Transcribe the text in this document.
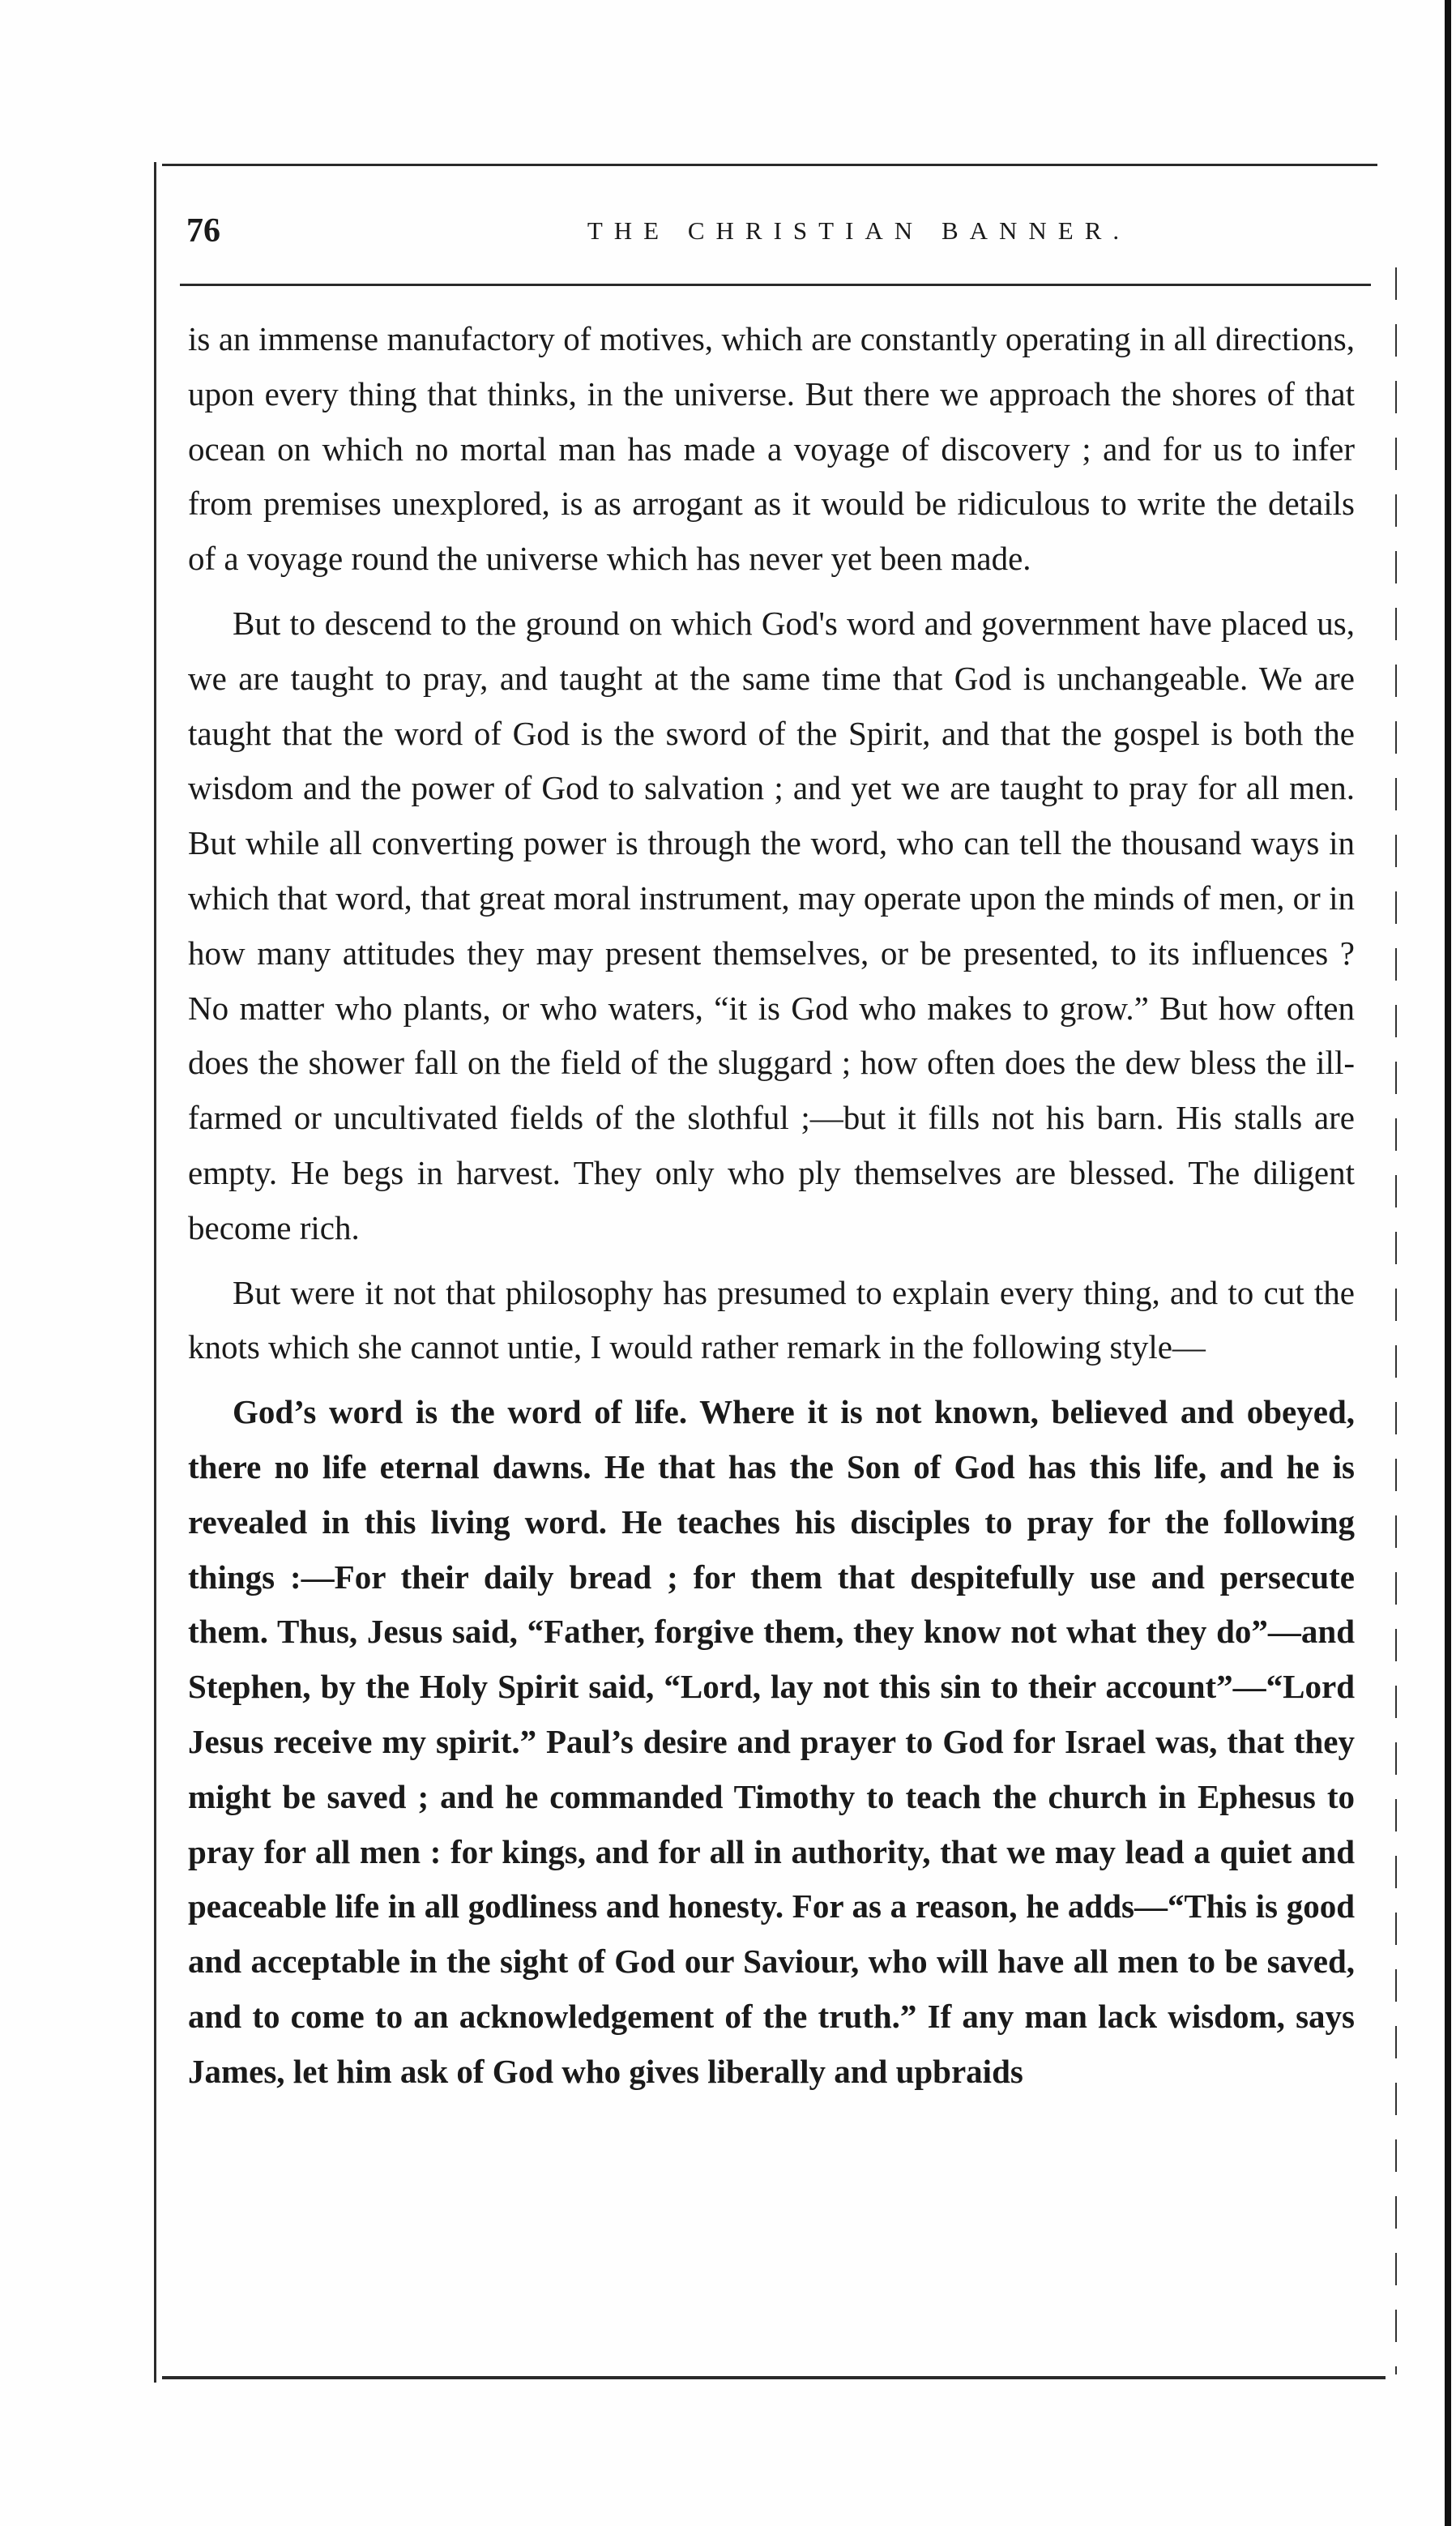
76	THE CHRISTIAN BANNER.

is an immense manufactory of motives, which are constantly operating in all directions, upon every thing that thinks, in the universe. But there we approach the shores of that ocean on which no mortal man has made a voyage of discovery ; and for us to infer from premises unexplored, is as arrogant as it would be ridiculous to write the details of a voyage round the universe which has never yet been made.

But to descend to the ground on which God's word and government have placed us, we are taught to pray, and taught at the same time that God is unchangeable. We are taught that the word of God is the sword of the Spirit, and that the gospel is both the wisdom and the power of God to salvation ; and yet we are taught to pray for all men. But while all converting power is through the word, who can tell the thousand ways in which that word, that great moral instrument, may operate upon the minds of men, or in how many attitudes they may present themselves, or be presented, to its influences ? No matter who plants, or who waters, “it is God who makes to grow.” But how often does the shower fall on the field of the sluggard ; how often does the dew bless the ill-farmed or uncultivated fields of the slothful ;—but it fills not his barn. His stalls are empty. He begs in harvest. They only who ply themselves are blessed. The diligent become rich.

But were it not that philosophy has presumed to explain every thing, and to cut the knots which she cannot untie, I would rather remark in the following style—

God’s word is the word of life. Where it is not known, believed and obeyed, there no life eternal dawns. He that has the Son of God has this life, and he is revealed in this living word. He teaches his disciples to pray for the following things :—For their daily bread ; for them that despitefully use and persecute them. Thus, Jesus said, “Father, forgive them, they know not what they do”—and Stephen, by the Holy Spirit said, “Lord, lay not this sin to their account”—“Lord Jesus receive my spirit.” Paul’s desire and prayer to God for Israel was, that they might be saved ; and he commanded Timothy to teach the church in Ephesus to pray for all men : for kings, and for all in authority, that we may lead a quiet and peaceable life in all godliness and honesty. For as a reason, he adds—“This is good and acceptable in the sight of God our Saviour, who will have all men to be saved, and to come to an acknowledgement of the truth.” If any man lack wisdom, says James, let him ask of God who gives liberally and upbraids
